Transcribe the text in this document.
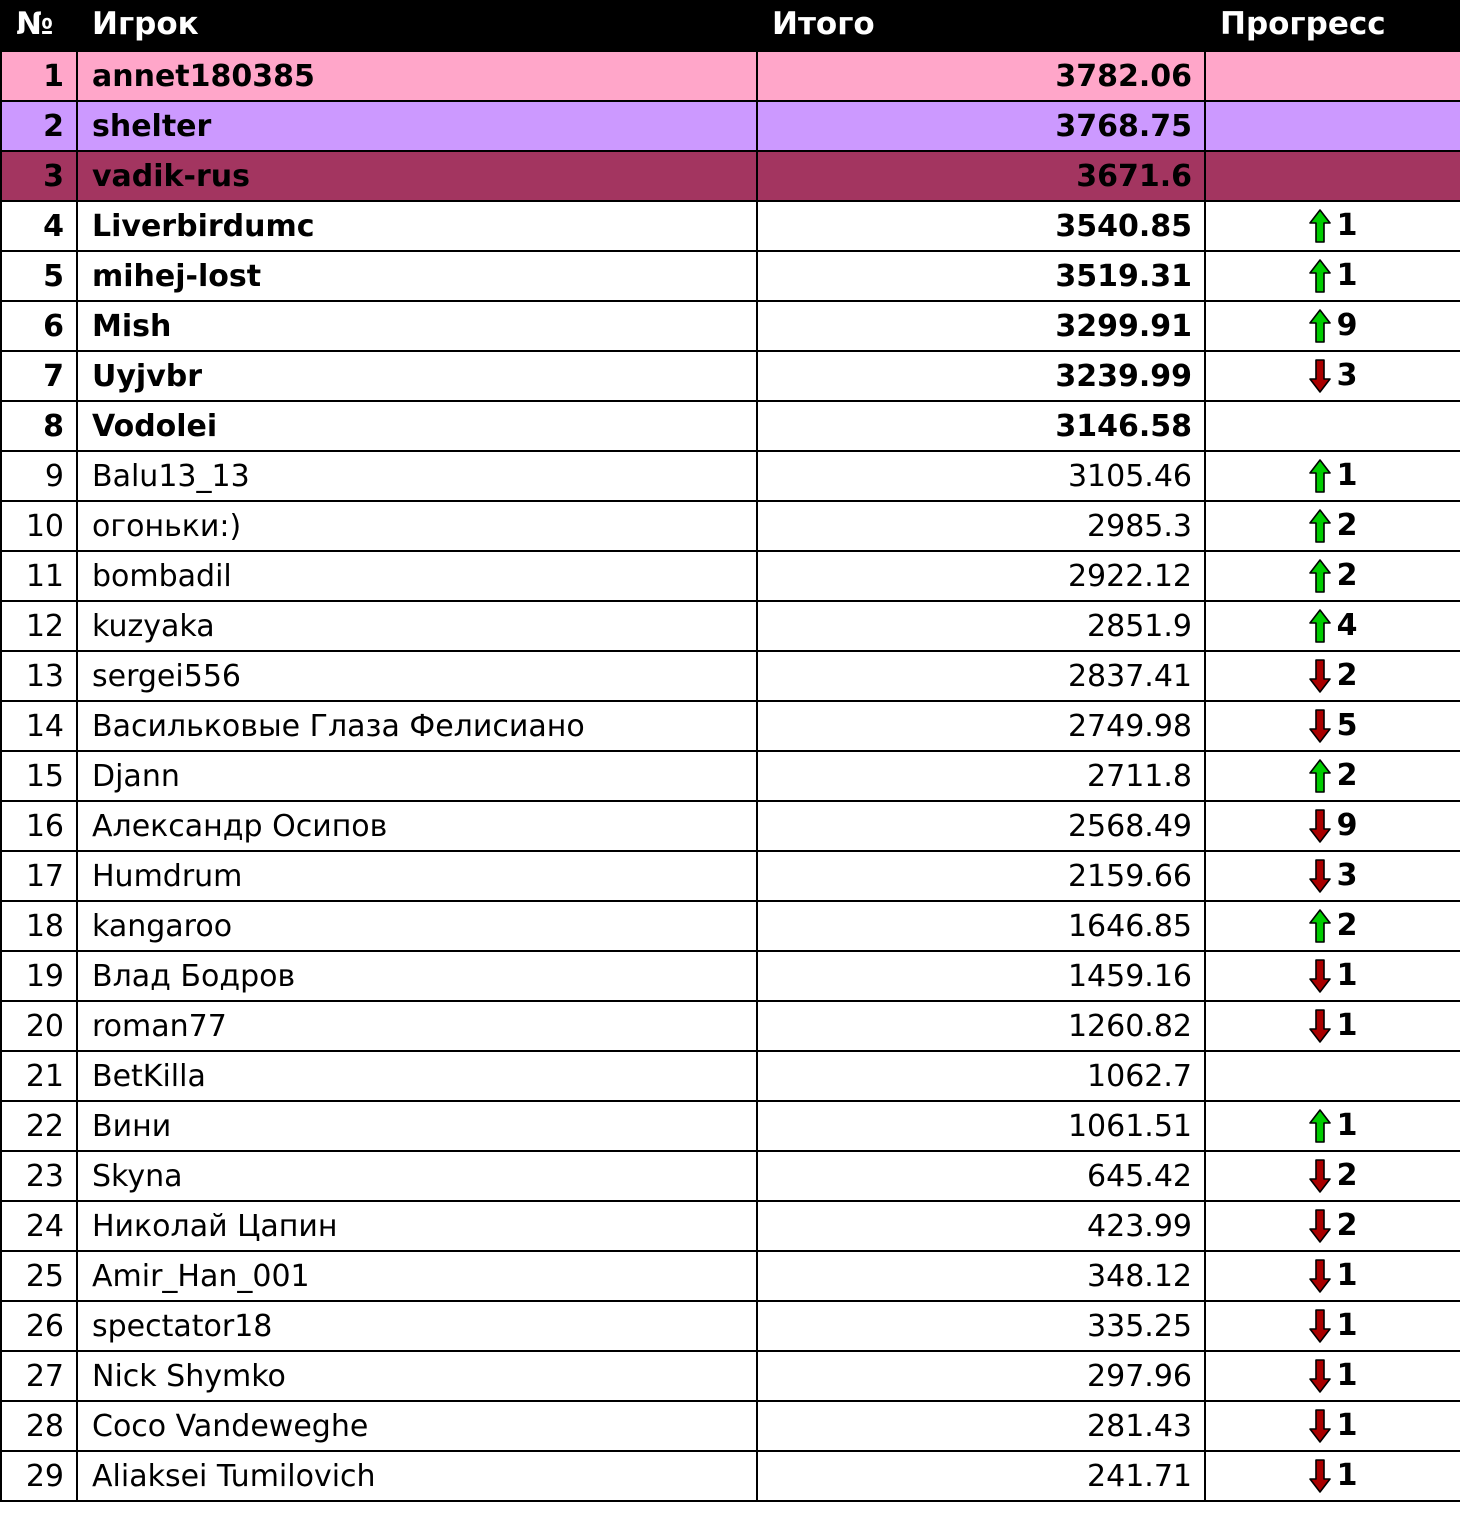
№	Игрок	Итого	Прогресс
1	annet180385	3782.06	
2	shelter	3768.75	
3	vadik-rus	3671.6	
4	Liverbirdumc	3540.85	1

5	mihej-lost	3519.31	1

6	Mish	3299.91	9

7	Uyjvbr	3239.99	3

8	Vodolei	3146.58	
9	Balu13_13	3105.46	1

10	огоньки:)	2985.3	2

11	bombadil	2922.12	2

12	kuzyaka	2851.9	4

13	sergei556	2837.41	2

14	Васильковые Глаза Фелисиано	2749.98	5

15	Djann	2711.8	2

16	Александр Осипов	2568.49	9

17	Humdrum	2159.66	3

18	kangaroo	1646.85	2

19	Влад Бодров	1459.16	1

20	roman77	1260.82	1

21	BetKilla	1062.7	
22	Вини	1061.51	1

23	Skyna	645.42	2

24	Николай Цапин	423.99	2

25	Amir_Han_001	348.12	1

26	spectator18	335.25	1

27	Nick Shymko	297.96	1

28	Coco Vandeweghe	281.43	1

29	Aliaksei Tumilovich	241.71	1
